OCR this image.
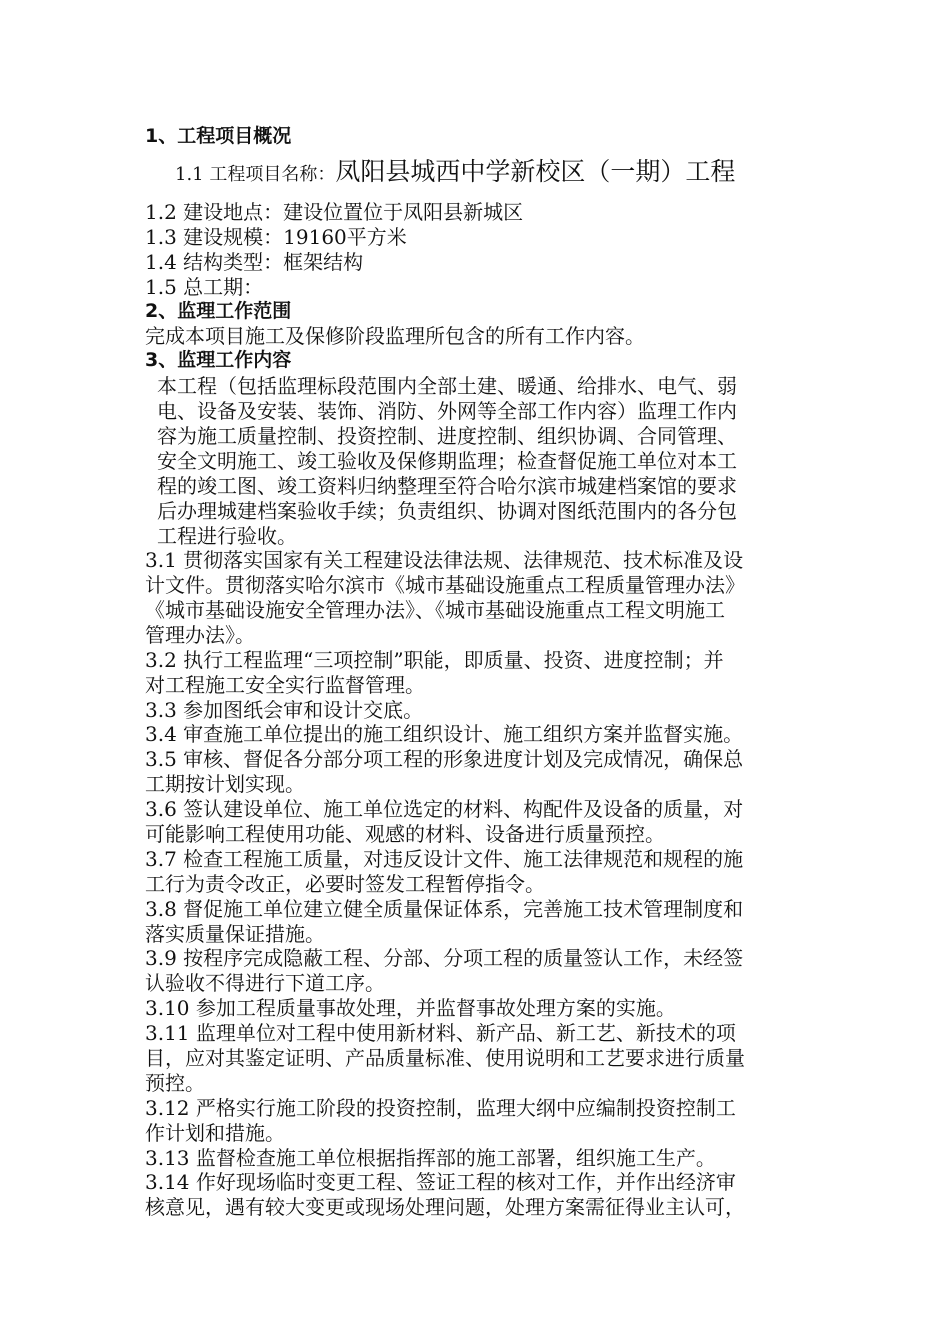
1、工程项目概况
1.1 工程项目名称：凤阳县城西中学新校区（一期）工程
1.2 建设地点：建设位置位于凤阳县新城区
1.3 建设规模：19160平方米
1.4 结构类型：框架结构
1.5 总工期：
2、监理工作范围
完成本项目施工及保修阶段监理所包含的所有工作内容。
3、监理工作内容
本工程（包括监理标段范围内全部土建、暖通、给排水、电气、弱
电、设备及安装、装饰、消防、外网等全部工作内容）监理工作内
容为施工质量控制、投资控制、进度控制、组织协调、合同管理、
安全文明施工、竣工验收及保修期监理；检查督促施工单位对本工
程的竣工图、竣工资料归纳整理至符合哈尔滨市城建档案馆的要求
后办理城建档案验收手续；负责组织、协调对图纸范围内的各分包
工程进行验收。
3.1 贯彻落实国家有关工程建设法律法规、法律规范、技术标准及设
计文件。贯彻落实哈尔滨市《城市基础设施重点工程质量管理办法》
《城市基础设施安全管理办法》、《城市基础设施重点工程文明施工
管理办法》。
3.2 执行工程监理“三项控制”职能，即质量、投资、进度控制；并
对工程施工安全实行监督管理。
3.3 参加图纸会审和设计交底。
3.4 审查施工单位提出的施工组织设计、施工组织方案并监督实施。
3.5 审核、督促各分部分项工程的形象进度计划及完成情况，确保总
工期按计划实现。
3.6 签认建设单位、施工单位选定的材料、构配件及设备的质量，对
可能影响工程使用功能、观感的材料、设备进行质量预控。
3.7 检查工程施工质量，对违反设计文件、施工法律规范和规程的施
工行为责令改正，必要时签发工程暂停指令。
3.8 督促施工单位建立健全质量保证体系，完善施工技术管理制度和
落实质量保证措施。
3.9 按程序完成隐蔽工程、分部、分项工程的质量签认工作，未经签
认验收不得进行下道工序。
3.10 参加工程质量事故处理，并监督事故处理方案的实施。
3.11 监理单位对工程中使用新材料、新产品、新工艺、新技术的项
目，应对其鉴定证明、产品质量标准、使用说明和工艺要求进行质量
预控。
3.12 严格实行施工阶段的投资控制，监理大纲中应编制投资控制工
作计划和措施。
3.13 监督检查施工单位根据指挥部的施工部署，组织施工生产。
3.14 作好现场临时变更工程、签证工程的核对工作，并作出经济审
核意见，遇有较大变更或现场处理问题，处理方案需征得业主认可，
